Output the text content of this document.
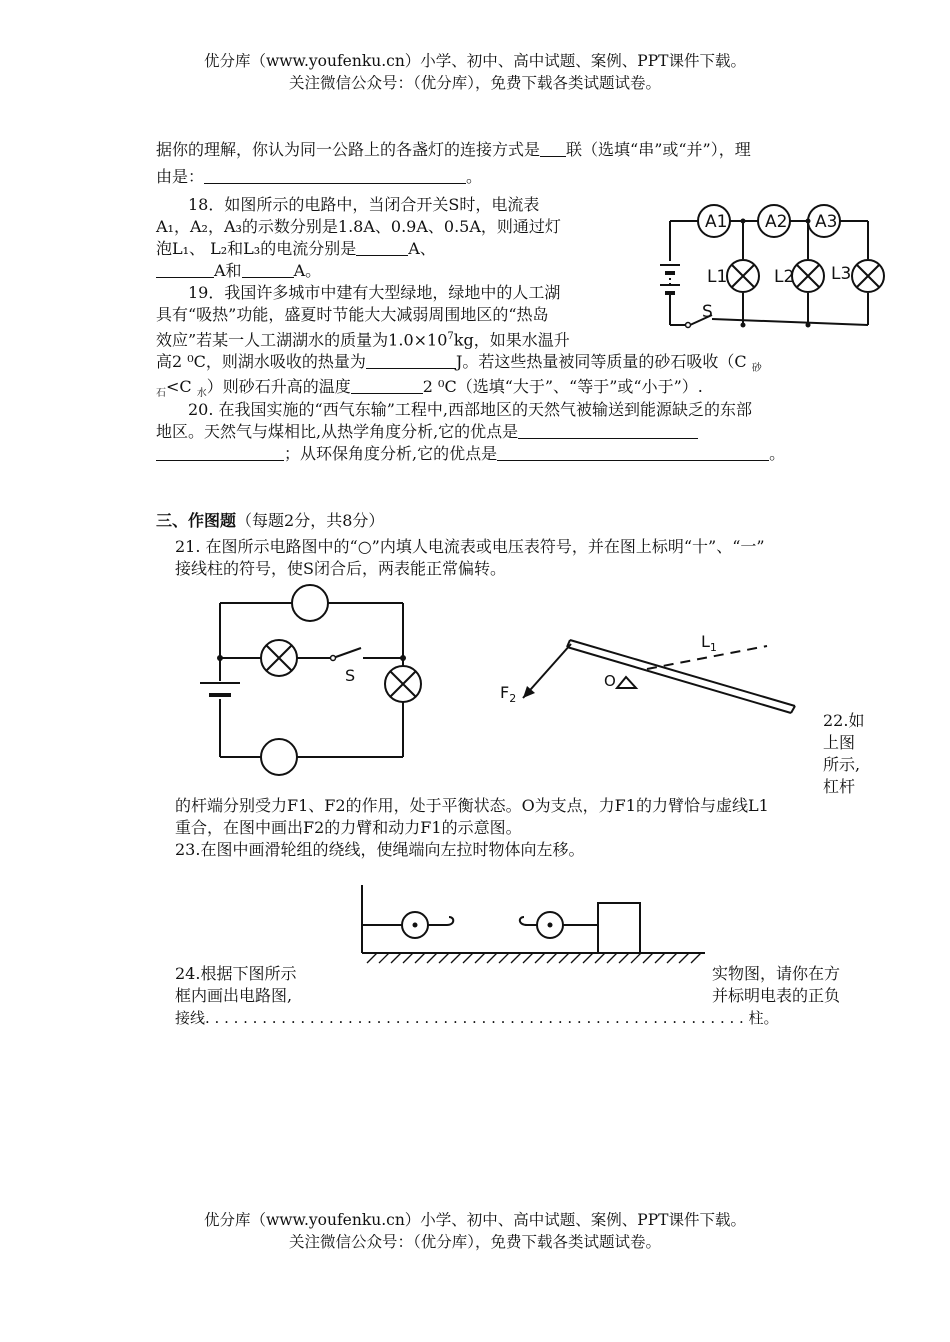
优分库（www.youfenku.cn）小学、初中、高中试题、案例、PPT课件下载。
关注微信公众号：（优分库），免费下载各类试题试卷。
据你的理解，你认为同一公路上的各盏灯的连接方式是 联（选填“串”或“并”），理
由是：	。
18．如图所示的电路中，当闭合开关S时，电流表
A₁，A₂，A₃的示数分别是1.8A、0.9A、0.5A，则通过灯
泡L₁、 L₂和L₃的电流分别是	A、
A和	A。
A1 A2 A3
L1	L2 L3
S
19．我国许多城市中建有大型绿地，绿地中的人工湖
具有“吸热”功能，盛夏时节能大大减弱周围地区的“热岛
效应”若某一人工湖湖水的质量为$1.0\times 10^7kg$，如果水温升
高2 ⁰C，则湖水吸收的热量为	J。若这些热量被同等质量的砂石吸收（C $_砂$
$_石$<C $_水$）则砂石升高的温度	2 ⁰C（选填“大于”、“等于”或“小于”）.
20. 在我国实施的“西气东输”工程中,西部地区的天然气被输送到能源缺乏的东部
地区。天然气与煤相比,从热学角度分析,它的优点是
；从环保角度分析,它的优点是	。
三、作图题（每题2分，共8分）
21. 在图所示电路图中的“○”内填人电流表或电压表符号，并在图上标明“十”、“一”
接线柱的符号，使S闭合后，两表能正常偏转。
S
$F_2$
O
$L_1$
22.如
上图
所示,
杠杆
的杆端分别受力F1、F2的作用，处于平衡状态。O为支点，力F1的力臂恰与虚线L1
重合，在图中画出F2的力臂和动力F1的示意图。
23.在图中画滑轮组的绕线，使绳端向左拉时物体向左移。
24.根据下图所示	实物图，请你在方
框内画出电路图,	并标明电表的正负
接线. . . . . . . . . . . . . . . . . . . . . . . . . . . . . . . . . . . . . . . . . . . . . . . . . . . . . . . . . 柱。
优分库（www.youfenku.cn）小学、初中、高中试题、案例、PPT课件下载。
关注微信公众号：（优分库），免费下载各类试题试卷。
